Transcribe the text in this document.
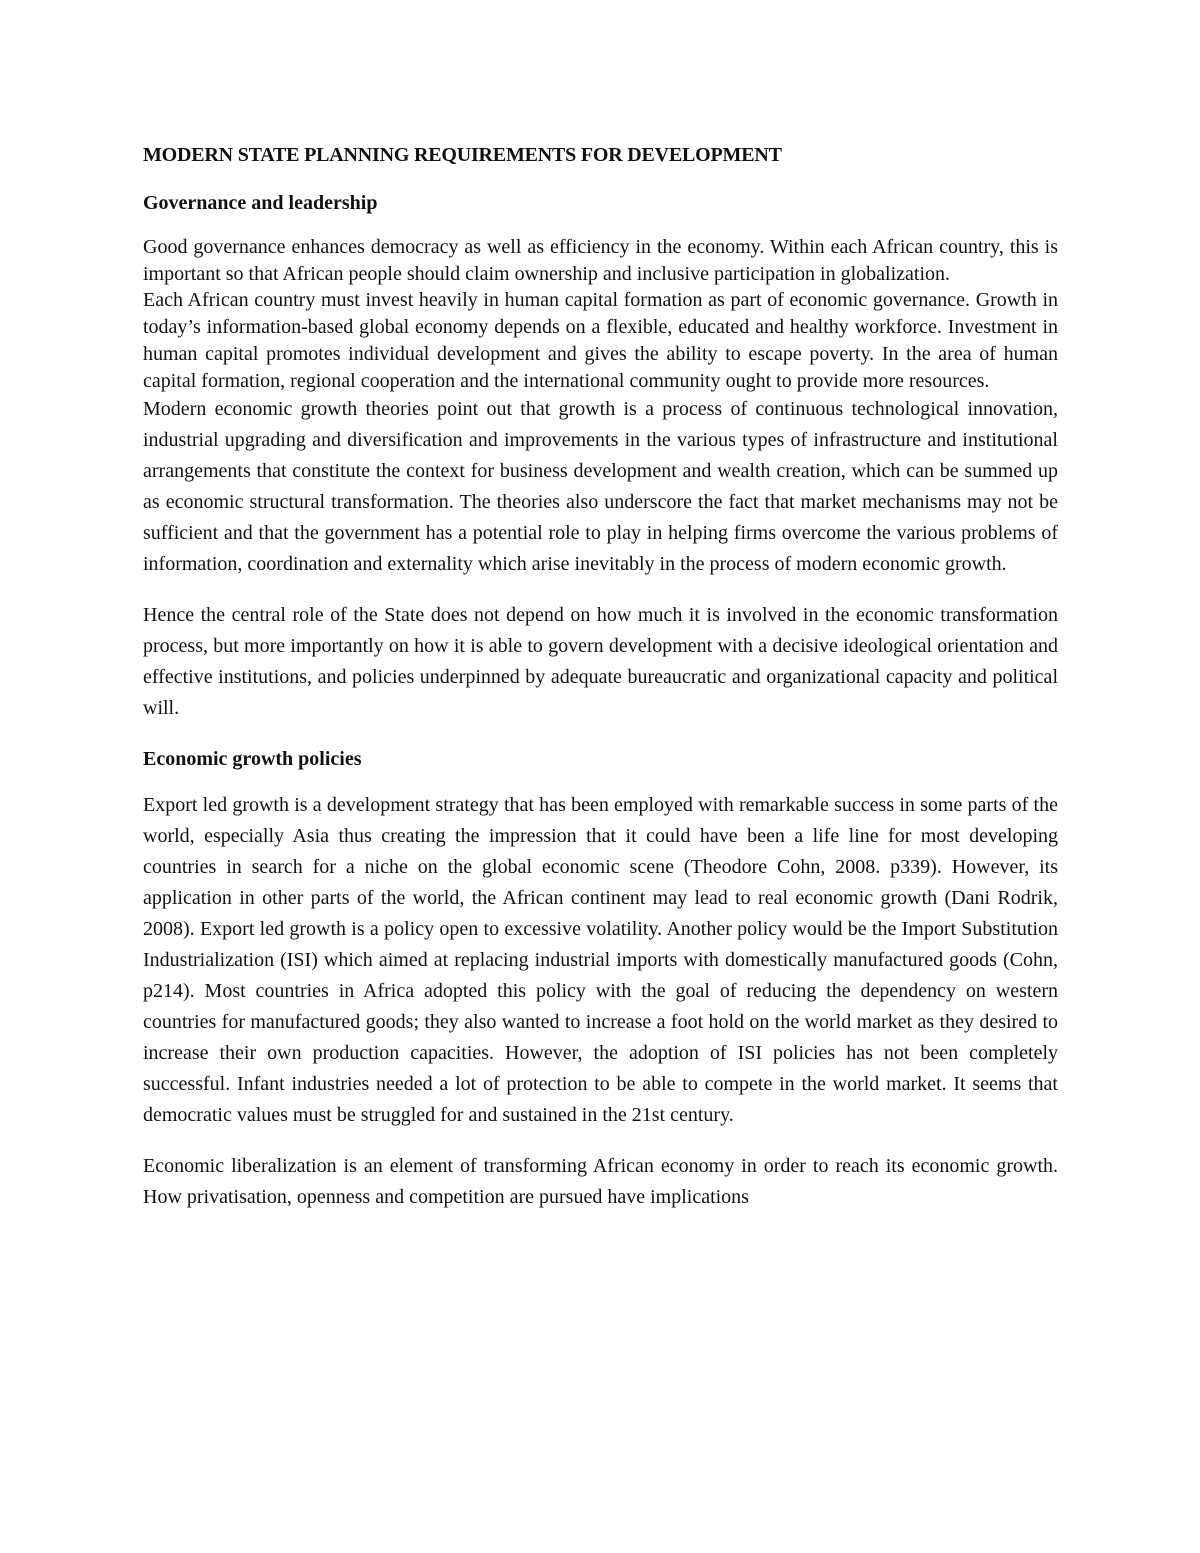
MODERN STATE PLANNING REQUIREMENTS FOR DEVELOPMENT
Governance and leadership

Good governance enhances democracy as well as efficiency in the economy. Within each African country, this is important so that African people should claim ownership and inclusive participation in globalization.

Each African country must invest heavily in human capital formation as part of economic governance. Growth in today’s information-based global economy depends on a flexible, educated and healthy workforce. Investment in human capital promotes individual development and gives the ability to escape poverty. In the area of human capital formation, regional cooperation and the international community ought to provide more resources.

Modern economic growth theories point out that growth is a process of continuous technological innovation, industrial upgrading and diversification and improvements in the various types of infrastructure and institutional arrangements that constitute the context for business development and wealth creation, which can be summed up as economic structural transformation. The theories also underscore the fact that market mechanisms may not be sufficient and that the government has a potential role to play in helping firms overcome the various problems of information, coordination and externality which arise inevitably in the process of modern economic growth.

Hence the central role of the State does not depend on how much it is involved in the economic transformation process, but more importantly on how it is able to govern development with a decisive ideological orientation and effective institutions, and policies underpinned by adequate bureaucratic and organizational capacity and political will.

Economic growth policies

Export led growth is a development strategy that has been employed with remarkable success in some parts of the world, especially Asia thus creating the impression that it could have been a life line for most developing countries in search for a niche on the global economic scene (Theodore Cohn, 2008. p339). However, its application in other parts of the world, the African continent may lead to real economic growth (Dani Rodrik, 2008). Export led growth is a policy open to excessive volatility. Another policy would be the Import Substitution Industrialization (ISI) which aimed at replacing industrial imports with domestically manufactured goods (Cohn, p214). Most countries in Africa adopted this policy with the goal of reducing the dependency on western countries for manufactured goods; they also wanted to increase a foot hold on the world market as they desired to increase their own production capacities. However, the adoption of ISI policies has not been completely successful. Infant industries needed a lot of protection to be able to compete in the world market. It seems that democratic values must be struggled for and sustained in the 21st century.

Economic liberalization is an element of transforming African economy in order to reach its economic growth. How privatisation, openness and competition are pursued have implications
